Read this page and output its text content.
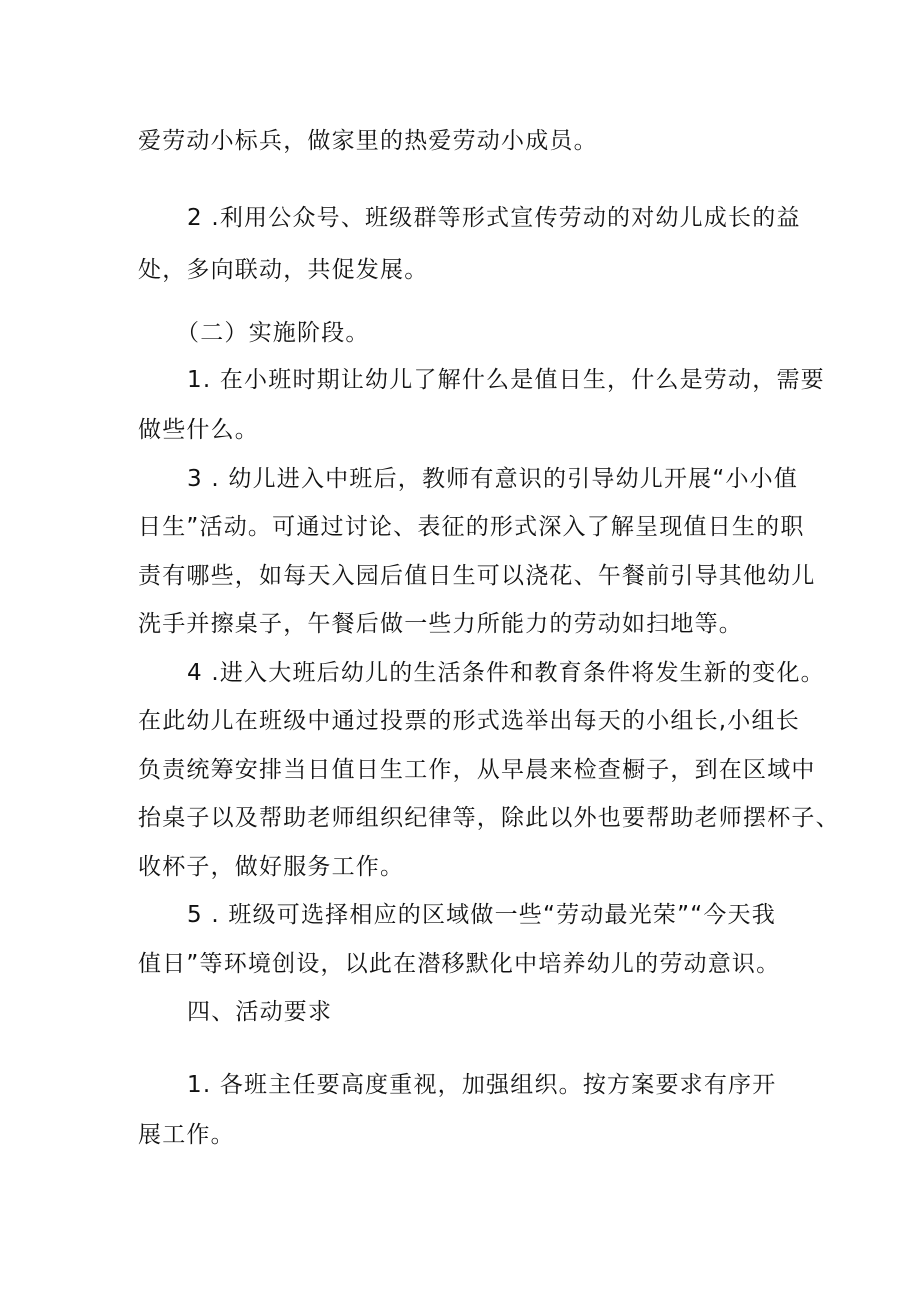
爱劳动小标兵，做家里的热爱劳动小成员。
2 .利用公众号、班级群等形式宣传劳动的对幼儿成长的益
处，多向联动，共促发展。
（二）实施阶段。
1. 在小班时期让幼儿了解什么是值日生，什么是劳动，需要
做些什么。
3 . 幼儿进入中班后，教师有意识的引导幼儿开展“小小值
日生”活动。可通过讨论、表征的形式深入了解呈现值日生的职
责有哪些，如每天入园后值日生可以浇花、午餐前引导其他幼儿
洗手并擦桌子，午餐后做一些力所能力的劳动如扫地等。
4 .进入大班后幼儿的生活条件和教育条件将发生新的变化。
在此幼儿在班级中通过投票的形式选举出每天的小组长,小组长
负责统筹安排当日值日生工作，从早晨来检查橱子，到在区域中
抬桌子以及帮助老师组织纪律等，除此以外也要帮助老师摆杯子、
收杯子，做好服务工作。
5 . 班级可选择相应的区域做一些“劳动最光荣”“今天我
值日”等环境创设，以此在潜移默化中培养幼儿的劳动意识。
四、活动要求
1. 各班主任要高度重视，加强组织。按方案要求有序开
展工作。
